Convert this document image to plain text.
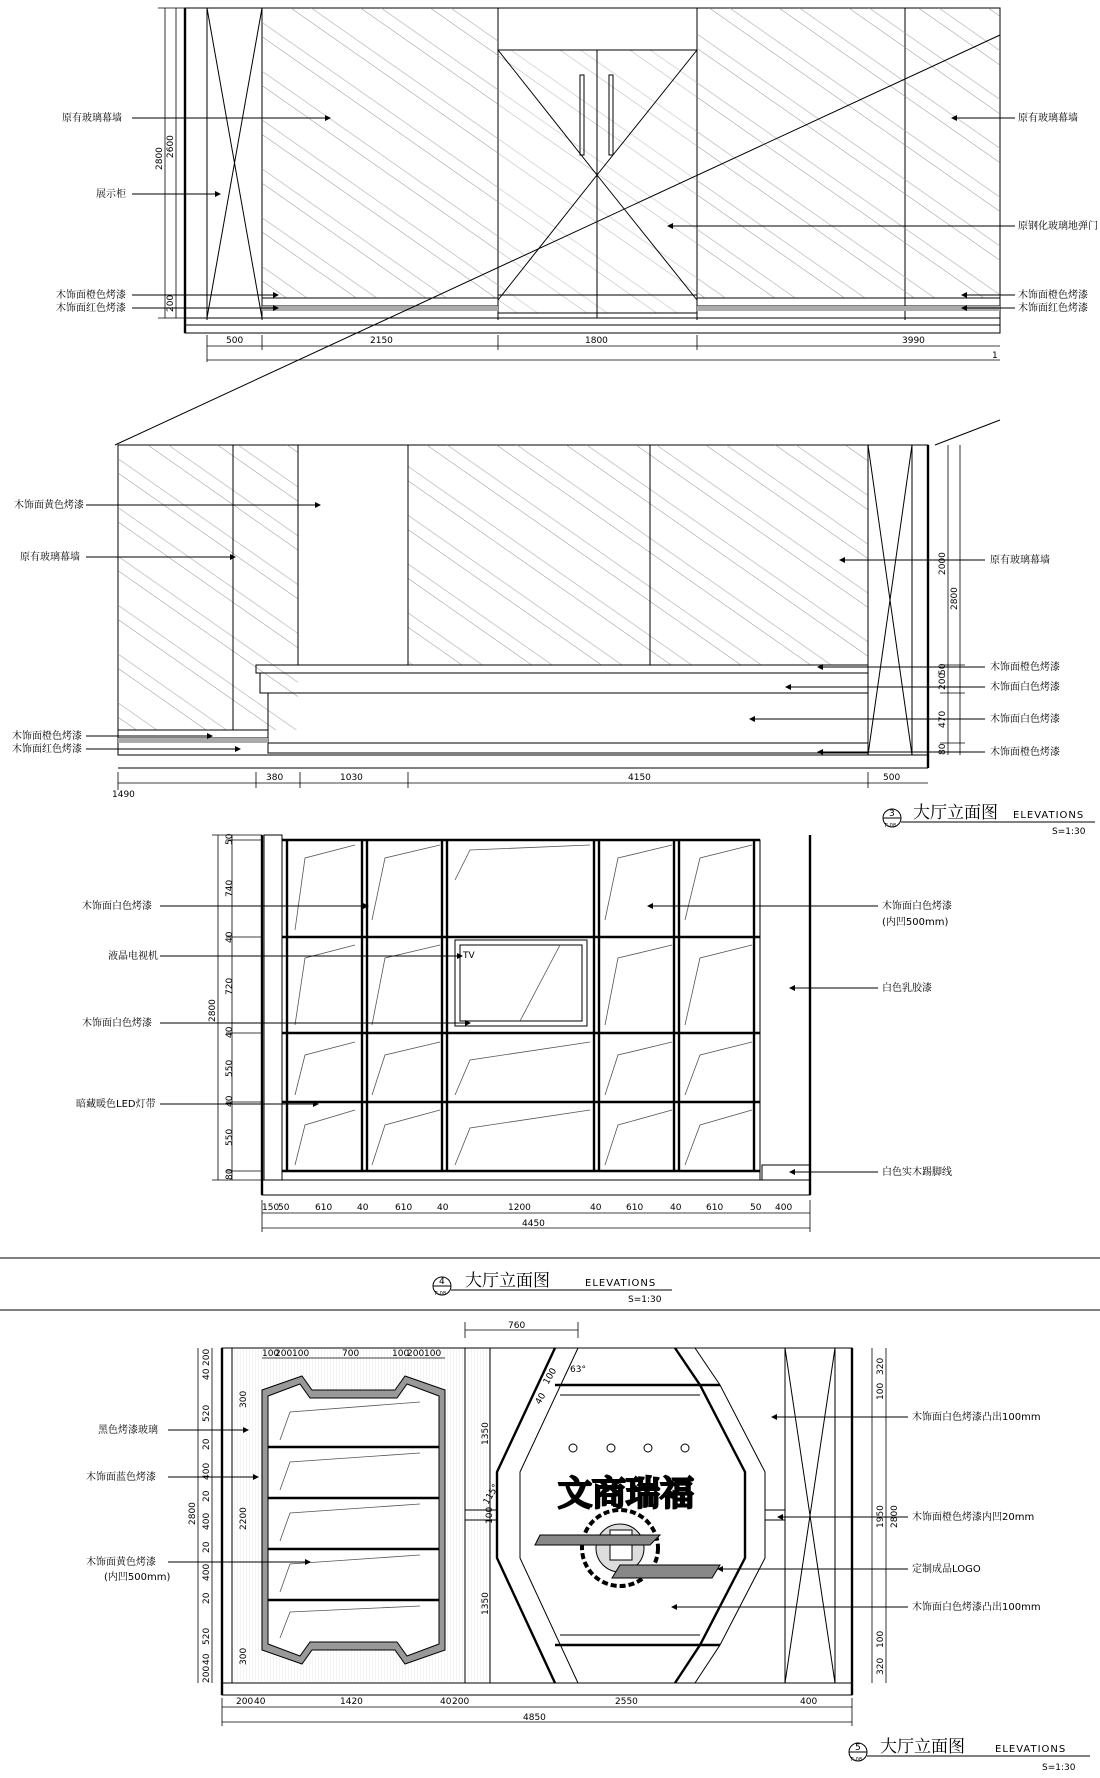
原有玻璃幕墙
展示柜
木饰面橙色烤漆
木饰面红色烤漆
原有玻璃幕墙
原钢化玻璃地弹门
木饰面橙色烤漆
木饰面红色烤漆
2800
2600
200
500	2150	1800	3990
1
木饰面黄色烤漆
原有玻璃幕墙
木饰面橙色烤漆
木饰面红色烤漆
原有玻璃幕墙
木饰面橙色烤漆
木饰面白色烤漆
木饰面白色烤漆
木饰面橙色烤漆
2000
2800
200
50
470
80
1490
380	1030	4150	500
3
F-08
大厅立面图 ELEVATIONS
S=1:30
TV
木饰面白色烤漆
液晶电视机
木饰面白色烤漆
暗藏暖色LED灯带
木饰面白色烤漆
(内凹500mm)
白色乳胶漆
白色实木踢脚线
50
740
40
720
40
550
40
550
80
2800
150
50	610	40	610	40	1200	40	610	40	610	50 400
4450
4
F-08
大厅立面图	ELEVATIONS
S=1:30
文商瑞福
黑色烤漆玻璃
木饰面蓝色烤漆
木饰面黄色烤漆
(内凹500mm)
木饰面白色烤漆凸出100mm
木饰面橙色烤漆内凹20mm
定制成品LOGO
木饰面白色烤漆凸出100mm
100
200 100	700	100
200 100
760
200
40
520
20
400
20
400
20
400
20
520
40
200
2800
300
2200
300
1350
1350
115°
100
100 63°
40
320
100
1950 2800
100
320
200 40	1420	40 200	2550	400
4850
5
F-08
大厅立面图	ELEVATIONS
S=1:30
